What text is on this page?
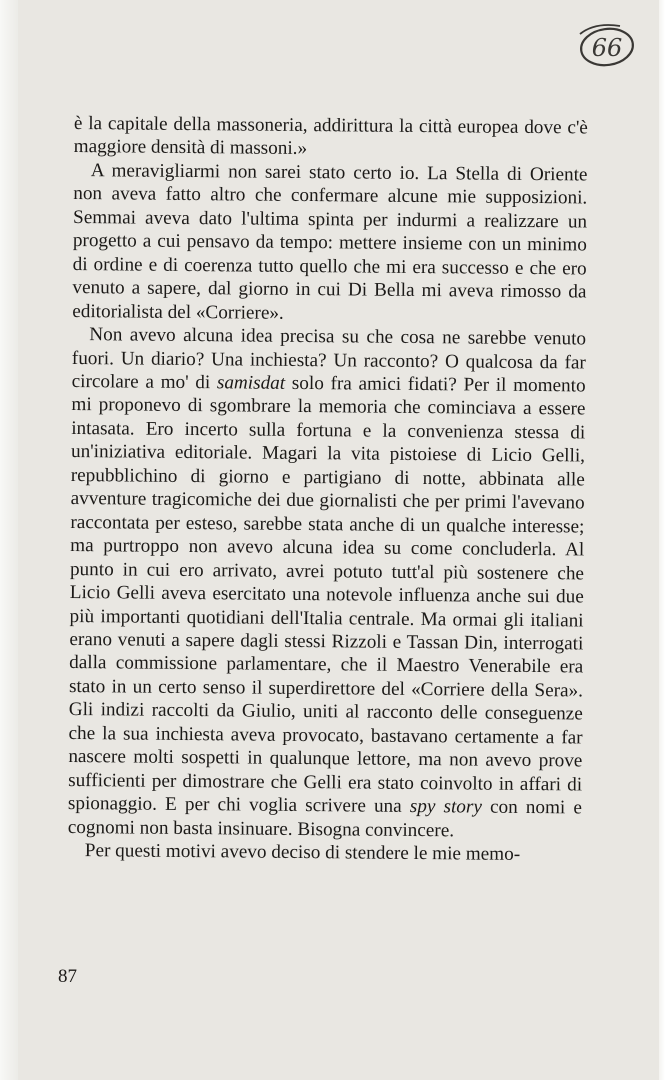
66

è la capitale della massoneria, addirittura la città europea dove c'è maggiore densità di massoni.»

A meravigliarmi non sarei stato certo io. La Stella di Oriente non aveva fatto altro che confermare alcune mie supposizioni. Semmai aveva dato l'ultima spinta per indurmi a realizzare un progetto a cui pensavo da tempo: mettere insieme con un minimo di ordine e di coerenza tutto quello che mi era successo e che ero venuto a sapere, dal giorno in cui Di Bella mi aveva rimosso da editorialista del «Corriere».

Non avevo alcuna idea precisa su che cosa ne sarebbe venuto fuori. Un diario? Una inchiesta? Un racconto? O qualcosa da far circolare a mo' di samisdat solo fra amici fidati? Per il momento mi proponevo di sgombrare la memoria che cominciava a essere intasata. Ero incerto sulla fortuna e la convenienza stessa di un'iniziativa editoriale. Magari la vita pistoiese di Licio Gelli, repubblichino di giorno e partigiano di notte, abbinata alle avventure tragicomiche dei due giornalisti che per primi l'avevano raccontata per esteso, sarebbe stata anche di un qualche interesse; ma purtroppo non avevo alcuna idea su come concluderla. Al punto in cui ero arrivato, avrei potuto tutt'al più sostenere che Licio Gelli aveva esercitato una notevole influenza anche sui due più importanti quotidiani dell'Italia centrale. Ma ormai gli italiani erano venuti a sapere dagli stessi Rizzoli e Tassan Din, interrogati dalla commissione parlamentare, che il Maestro Venerabile era stato in un certo senso il superdirettore del «Corriere della Sera». Gli indizi raccolti da Giulio, uniti al racconto delle conseguenze che la sua inchiesta aveva provocato, bastavano certamente a far nascere molti sospetti in qualunque lettore, ma non avevo prove sufficienti per dimostrare che Gelli era stato coinvolto in affari di spionaggio. E per chi voglia scrivere una spy story con nomi e cognomi non basta insinuare. Bisogna convincere.

Per questi motivi avevo deciso di stendere le mie memo-

87
